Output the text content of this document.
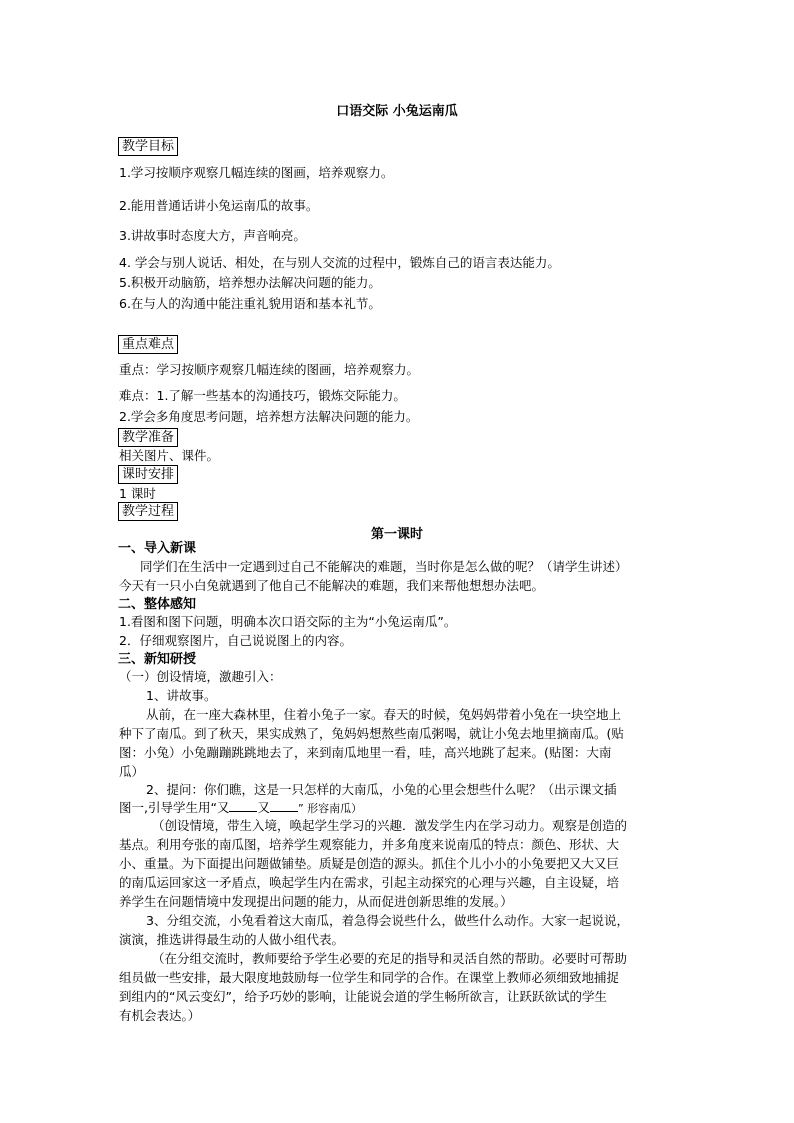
口语交际 小兔运南瓜
教学目标
1.学习按顺序观察几幅连续的图画，培养观察力。
2.能用普通话讲小兔运南瓜的故事。
3.讲故事时态度大方，声音响亮。
4. 学会与别人说话、相处，在与别人交流的过程中，锻炼自己的语言表达能力。
5.积极开动脑筋，培养想办法解决问题的能力。
6.在与人的沟通中能注重礼貌用语和基本礼节。
重点难点
重点：学习按顺序观察几幅连续的图画，培养观察力。
难点：1.了解一些基本的沟通技巧，锻炼交际能力。
2.学会多角度思考问题，培养想方法解决问题的能力。
教学准备
相关图片、课件。
课时安排
1 课时
教学过程
第一课时
一、导入新课
同学们在生活中一定遇到过自己不能解决的难题，当时你是怎么做的呢？（请学生讲述）
今天有一只小白兔就遇到了他自己不能解决的难题，我们来帮他想想办法吧。
二、整体感知
1.看图和图下问题，明确本次口语交际的主为“小兔运南瓜”。
2．仔细观察图片，自己说说图上的内容。
三、新知研授
（一）创设情境，激趣引入：
1、讲故事。
从前，在一座大森林里，住着小兔子一家。春天的时候，兔妈妈带着小兔在一块空地上
种下了南瓜。到了秋天，果实成熟了，兔妈妈想熬些南瓜粥喝，就让小兔去地里摘南瓜。(贴
图：小兔）小兔蹦蹦跳跳地去了，来到南瓜地里一看，哇，高兴地跳了起来。(贴图：大南
瓜）
2、提问：你们瞧，这是一只怎样的大南瓜，小兔的心里会想些什么呢？（出示课文插
图一,引导学生用“又 又	” 形容南瓜）
（创设情境，带生入境，唤起学生学习的兴趣．激发学生内在学习动力。观察是创造的
基点。利用夸张的南瓜图，培养学生观察能力，并多角度来说南瓜的特点：颜色、形状、大
小、重量。为下面提出问题做铺垫。质疑是创造的源头。抓住个儿小小的小兔要把又大又巨
的南瓜运回家这一矛盾点，唤起学生内在需求，引起主动探究的心理与兴趣，自主设疑，培
养学生在问题情境中发现提出问题的能力，从而促进创新思维的发展。）
3、分组交流，小兔看着这大南瓜，着急得会说些什么，做些什么动作。大家一起说说，
演演，推选讲得最生动的人做小组代表。
（在分组交流时，教师要给予学生必要的充足的指导和灵活自然的帮助。必要时可帮助
组员做一些安排，最大限度地鼓励每一位学生和同学的合作。在课堂上教师必须细致地捕捉
到组内的“风云变幻”，给予巧妙的影响，让能说会道的学生畅所欲言，让跃跃欲试的学生
有机会表达。）
